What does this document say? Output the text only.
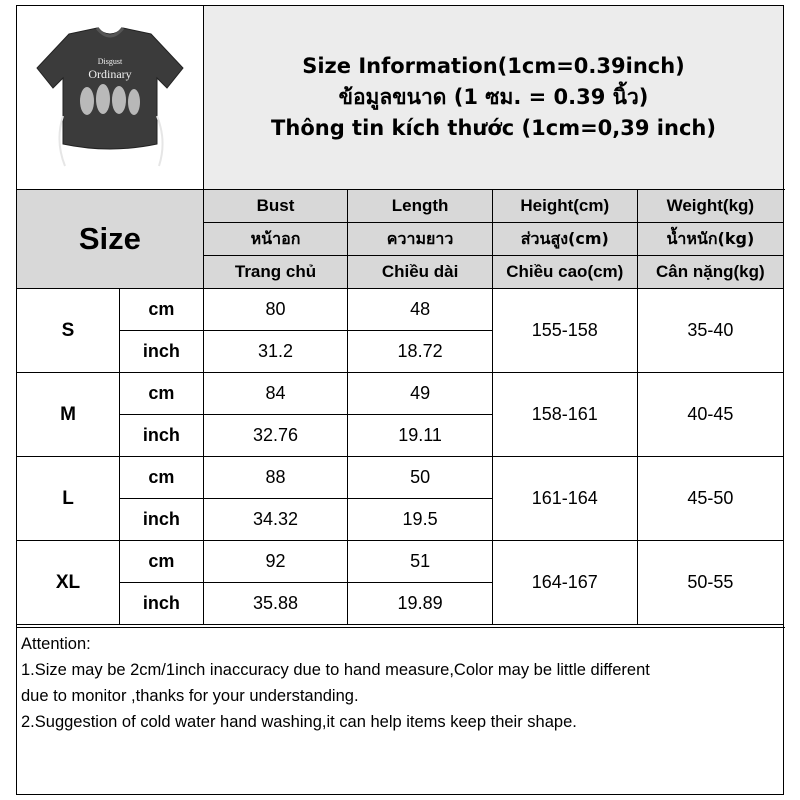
Disgust
Ordinary	Size Information(1cm=0.39inch)
ข้อมูลขนาด (1 ซม. = 0.39 นิ้ว)
Thông tin kích thước (1cm=0,39 inch)
Size		Bust	Length	Height(cm)	Weight(kg)
		หน้าอก	ความยาว	ส่วนสูง(cm)	น้ำหนัก(kg)
		Trang chủ	Chiều dài	Chiều cao(cm)	Cân nặng(kg)
S	cm	80	48	155-158	35-40
	inch	31.2	18.72		
M	cm	84	49	158-161	40-45
	inch	32.76	19.11		
L	cm	88	50	161-164	45-50
	inch	34.32	19.5		
XL	cm	92	51	164-167	50-55
	inch	35.88	19.89		
Attention:
1.Size may be 2cm/1inch inaccuracy due to hand measure,Color may be little different
due to monitor ,thanks for your understanding.
2.Suggestion of cold water hand washing,it can help items keep their shape.
